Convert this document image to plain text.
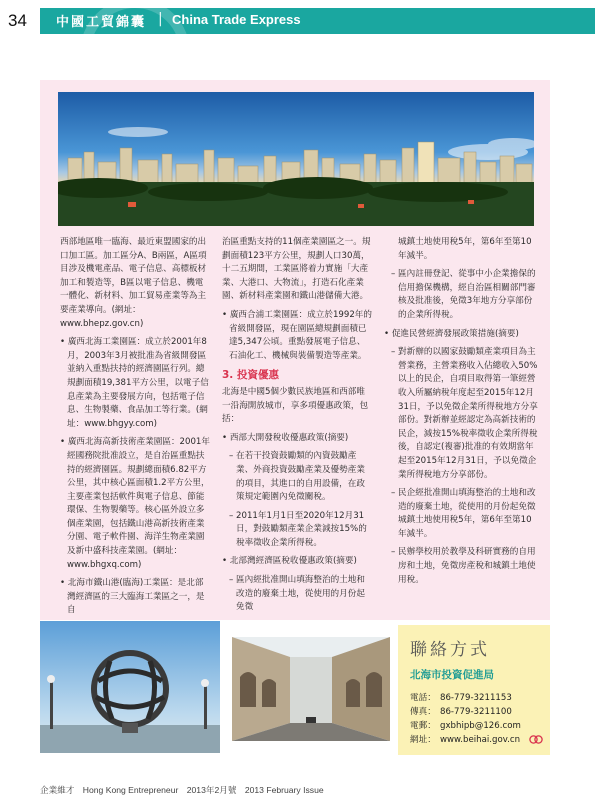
34	中國工貿錦囊 | China Trade Express

西部地區唯一臨海、最近東盟國家的出口加工區。加工區分A、B兩區，A區項目涉及機電產品、電子信息、高標板材加工和製造等，B區以電子信息、機電一體化、新材料、加工貿易產業等為主要產業導向。(網址：www.bhepz.gov.cn)

• 廣西北海工業園區：成立於2001年8月，2003年3月被批准為省級開發區並納入重點扶持的經濟園區行列。總規劃面積19,381平方公里，以電子信息產業為主要發展方向，包括電子信息、生物製藥、食品加工等行業。(網址：www.bhgyy.com)

• 廣西北海高新技術產業園區：2001年經國務院批准設立，是自治區重點扶持的經濟園區。規劃總面積6.82平方公里，其中核心區面積1.2平方公里，主要產業包括軟件與電子信息、節能環保、生物製藥等。核心區外設立多個產業園，包括鐵山港高新技術產業分園、電子軟件園、海洋生物產業園及新中盛科技產業園。(網址：www.bhgxq.com)

• 北海市鐵山港(臨海)工業區：是北部灣經濟區的三大臨海工業區之一，是自

治區重點支持的11個產業園區之一。規劃面積123平方公里，規劃人口30萬，十二五期間，工業區將着力實施「大產業、大港口、大物流」，打造石化產業園、新材料產業園和鐵山港儲備大港。

• 廣西合浦工業園區：成立於1992年的省級開發區，現在園區總規劃面積已達5,347公頃。重點發展電子信息、石油化工、機械與裝備製造等產業。

3. 投資優惠

北海是中國5個少數民族地區和西部唯一沿海開放城市，享多項優惠政策，包括：

• 西部大開發稅收優惠政策(摘要)

– 在若干投資鼓勵類的內資鼓勵產業、外商投資鼓勵產業及優勢產業的項目，其進口的自用設備，在政策規定範圍內免徵關稅。

– 2011年1月1日至2020年12月31日，對鼓勵類產業企業減按15%的稅率徵收企業所得稅。

• 北部灣經濟區稅收優惠政策(摘要)

– 區內經批准開山填海整治的土地和改造的廢棄土地，從使用的月份起免徵

城鎮土地使用稅5年，第6年至第10年減半。

– 區內註冊登記、從事中小企業擔保的信用擔保機構，經自治區相關部門審核及批准後，免徵3年地方分享部份的企業所得稅。

• 促進民營經濟發展政策措施(摘要)

– 對新辦的以國家鼓勵類產業項目為主營業務，主營業務收入佔總收入50%以上的民企，自項目取得第一筆經營收入所屬納稅年度起至2015年12月31日，予以免徵企業所得稅地方分享部份。對新辦並經認定為高新技術的民企，減按15%稅率徵收企業所得稅後，自認定(複審)批准的有效期當年起至2015年12月31日，予以免徵企業所得稅地方分享部份。

– 民企經批准開山填海整治的土地和改造的廢棄土地，從使用的月份起免徵城鎮土地使用稅5年，第6年至第10年減半。

– 民辦學校用於教學及科研實務的自用房和土地，免徵房產稅和城鎮土地使用稅。

聯絡方式
北海市投資促進局
電話： 86-779-3211153
傳真： 86-779-3211100
電郵： gxbhipb@126.com
網址： www.beihai.gov.cn
企業維才 Hong Kong Entrepreneur 2013年2月號 2013 February Issue
